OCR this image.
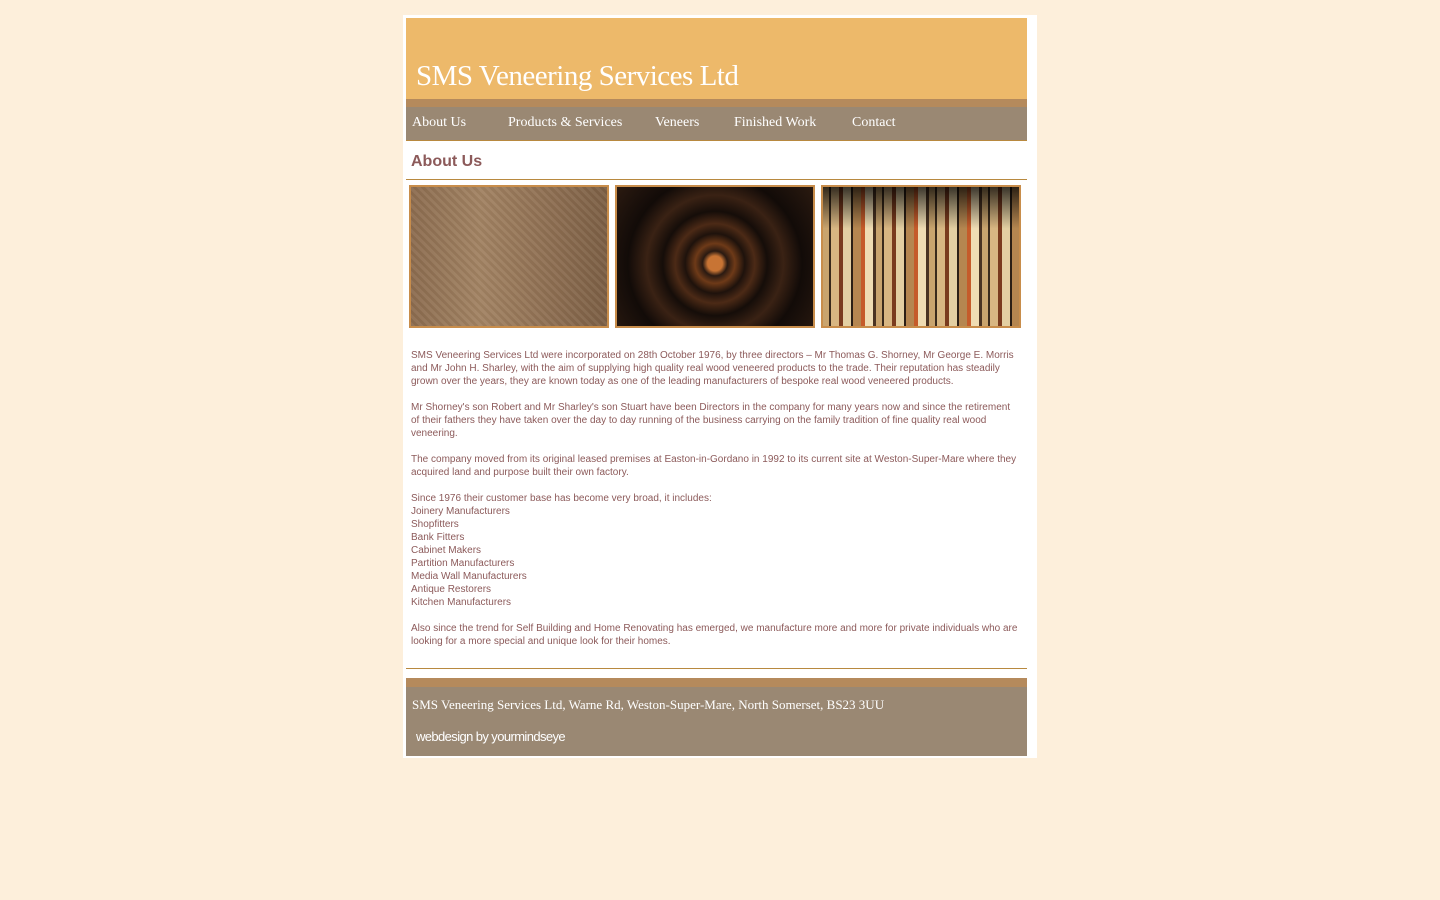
SMS Veneering Services Ltd
About Us	Products & Services Veneers Finished Work	Contact
About Us

SMS Veneering Services Ltd were incorporated on 28th October 1976, by three directors – Mr Thomas G. Shorney, Mr George E. Morris and Mr John H. Sharley, with the aim of supplying high quality real wood veneered products to the trade. Their reputation has steadily grown over the years, they are known today as one of the leading manufacturers of bespoke real wood veneered products.

Mr Shorney's son Robert and Mr Sharley's son Stuart have been Directors in the company for many years now and since the retirement of their fathers they have taken over the day to day running of the business carrying on the family tradition of fine quality real wood veneering.

The company moved from its original leased premises at Easton-in-Gordano in 1992 to its current site at Weston-Super-Mare where they acquired land and purpose built their own factory.

Since 1976 their customer base has become very broad, it includes:
Joinery Manufacturers
Shopfitters
Bank Fitters
Cabinet Makers
Partition Manufacturers
Media Wall Manufacturers
Antique Restorers
Kitchen Manufacturers

Also since the trend for Self Building and Home Renovating has emerged, we manufacture more and more for private individuals who are looking for a more special and unique look for their homes.

SMS Veneering Services Ltd, Warne Rd, Weston-Super-Mare, North Somerset, BS23 3UU
webdesign by yourmindseye
